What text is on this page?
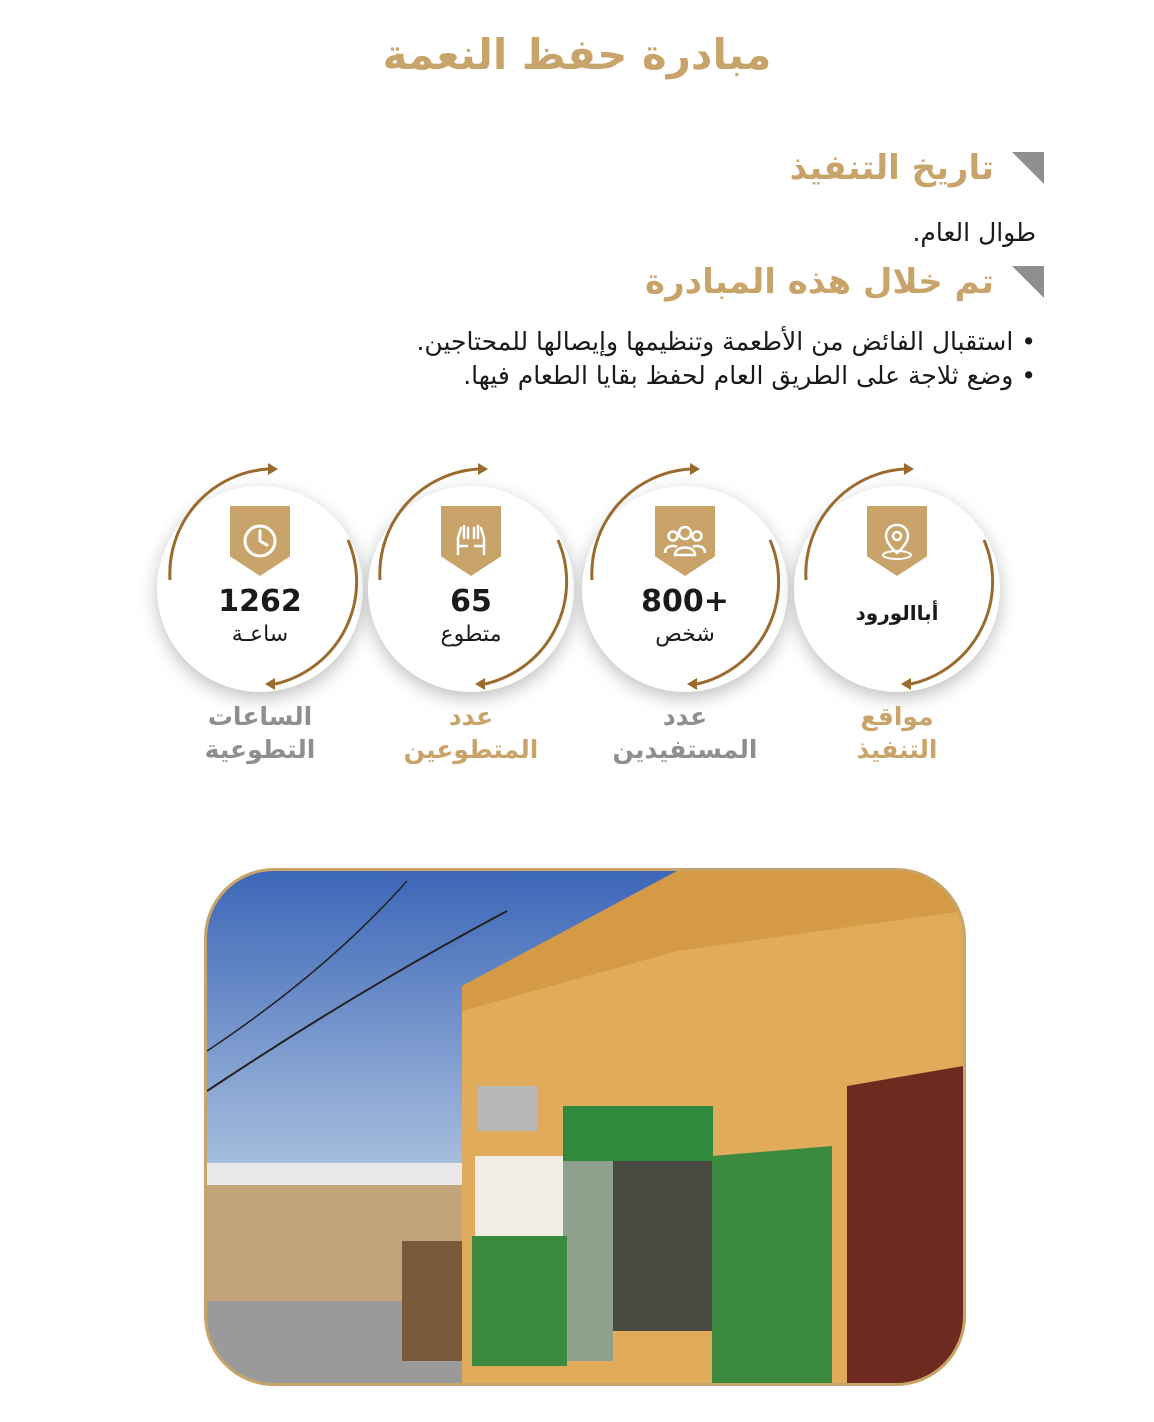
مبادرة حفظ النعمة
تاريخ التنفيذ
طوال العام.
تم خلال هذه المبادرة
• استقبال الفائض من الأطعمة وتنظيمها وإيصالها للمحتاجين.
• وضع ثلاجة على الطريق العام لحفظ بقايا الطعام فيها.
1262
ساعـة
65
متطوع
800+
شخص
أباالورود
الساعات
التطوعية
عدد
المتطوعين
عدد
المستفيدين
مواقع
التنفيذ
